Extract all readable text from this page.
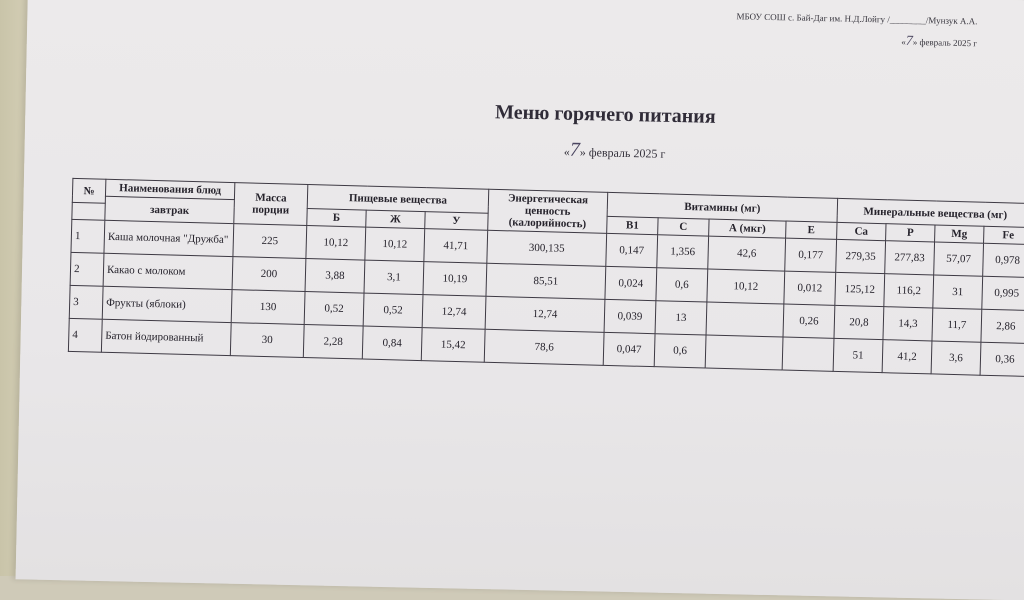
МБОУ СОШ с. Бай-Даг им. Н.Д.Лойгу /________/Мунзук А.А.
«7» февраль 2025 г
Меню горячего питания
«7» февраль 2025 г
№	Наименования блюд	Масса порции	Пищевые вещества			Энергетическая ценность (калорийность)	Витамины (мг)				Минеральные вещества (мг)			
	завтрак													
			Б	Ж	У		B1	C	А (мкг)	E	Ca	P	Mg	Fe
1	Каша молочная "Дружба"	225	10,12	10,12	41,71	300,135	0,147	1,356	42,6	0,177	279,35	277,83	57,07	0,978
2	Какао с молоком	200	3,88	3,1	10,19	85,51	0,024	0,6	10,12	0,012	125,12	116,2	31	0,995
3	Фрукты (яблоки)	130	0,52	0,52	12,74	12,74	0,039	13		0,26	20,8	14,3	11,7	2,86
4	Батон йодированный	30	2,28	0,84	15,42	78,6	0,047	0,6			51	41,2	3,6	0,36
